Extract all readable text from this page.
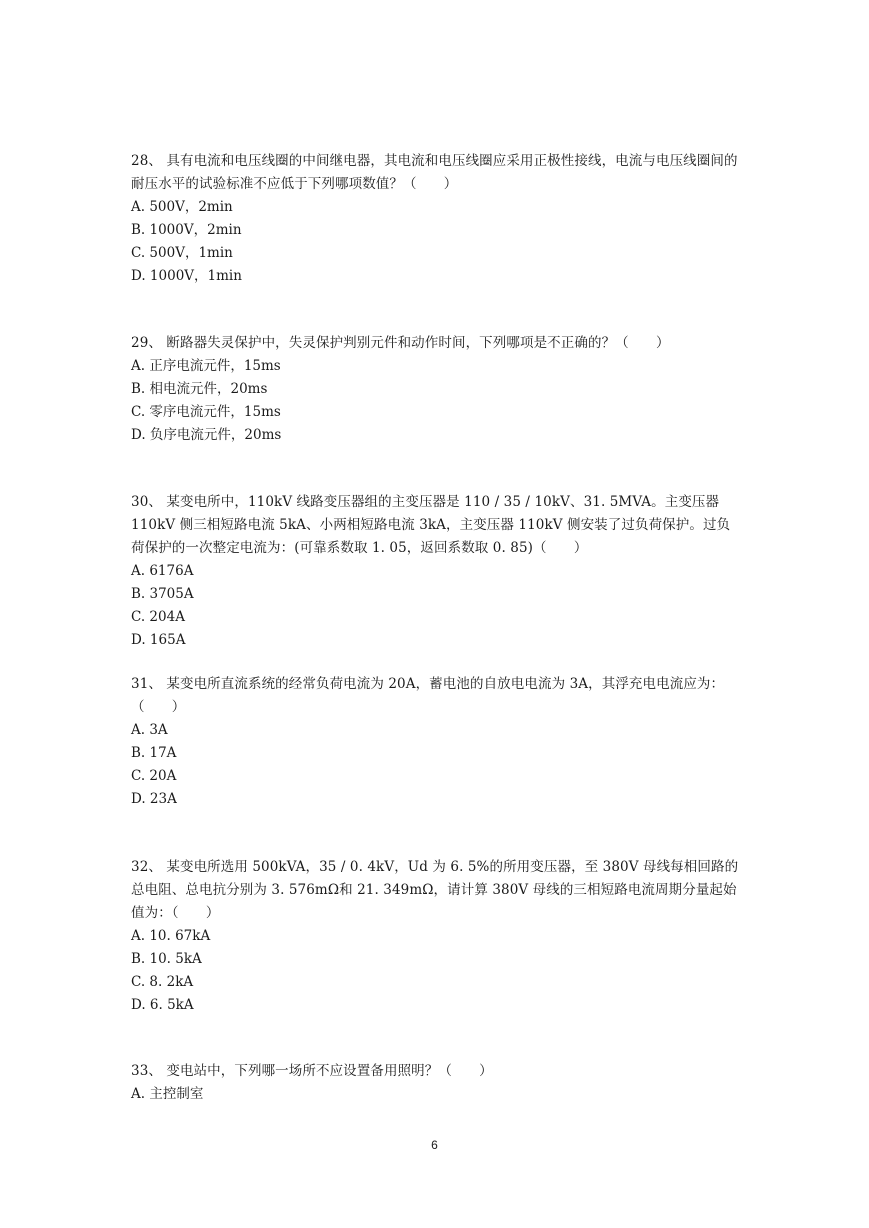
28、 具有电流和电压线圈的中间继电器，其电流和电压线圈应采用正极性接线，电流与电压线圈间的耐压水平的试验标准不应低于下列哪项数值？（　　）

A. 500V，2min
B. 1000V，2min
C. 500V，1min
D. 1000V，1min

29、 断路器失灵保护中，失灵保护判别元件和动作时间，下列哪项是不正确的？（　　）

A. 正序电流元件，15ms
B. 相电流元件，20ms
C. 零序电流元件，15ms
D. 负序电流元件，20ms

30、 某变电所中，110kV 线路变压器组的主变压器是 110 / 35 / 10kV、31. 5MVA。主变压器 110kV 侧三相短路电流 5kA、小两相短路电流 3kA，主变压器 110kV 侧安装了过负荷保护。过负荷保护的一次整定电流为：(可靠系数取 1. 05，返回系数取 0. 85)（　　）

A. 6176A
B. 3705A
C. 204A
D. 165A

31、 某变电所直流系统的经常负荷电流为 20A，蓄电池的自放电电流为 3A，其浮充电电流应为：（　　）

A. 3A
B. 17A
C. 20A
D. 23A

32、 某变电所选用 500kVA，35 / 0. 4kV，Ud 为 6. 5%的所用变压器，至 380V 母线每相回路的总电阻、总电抗分别为 3. 576mΩ和 21. 349mΩ，请计算 380V 母线的三相短路电流周期分量起始值为：（　　）

A. 10. 67kA
B. 10. 5kA
C. 8. 2kA
D. 6. 5kA

33、 变电站中，下列哪一场所不应设置备用照明？（　　）

A. 主控制室
6
